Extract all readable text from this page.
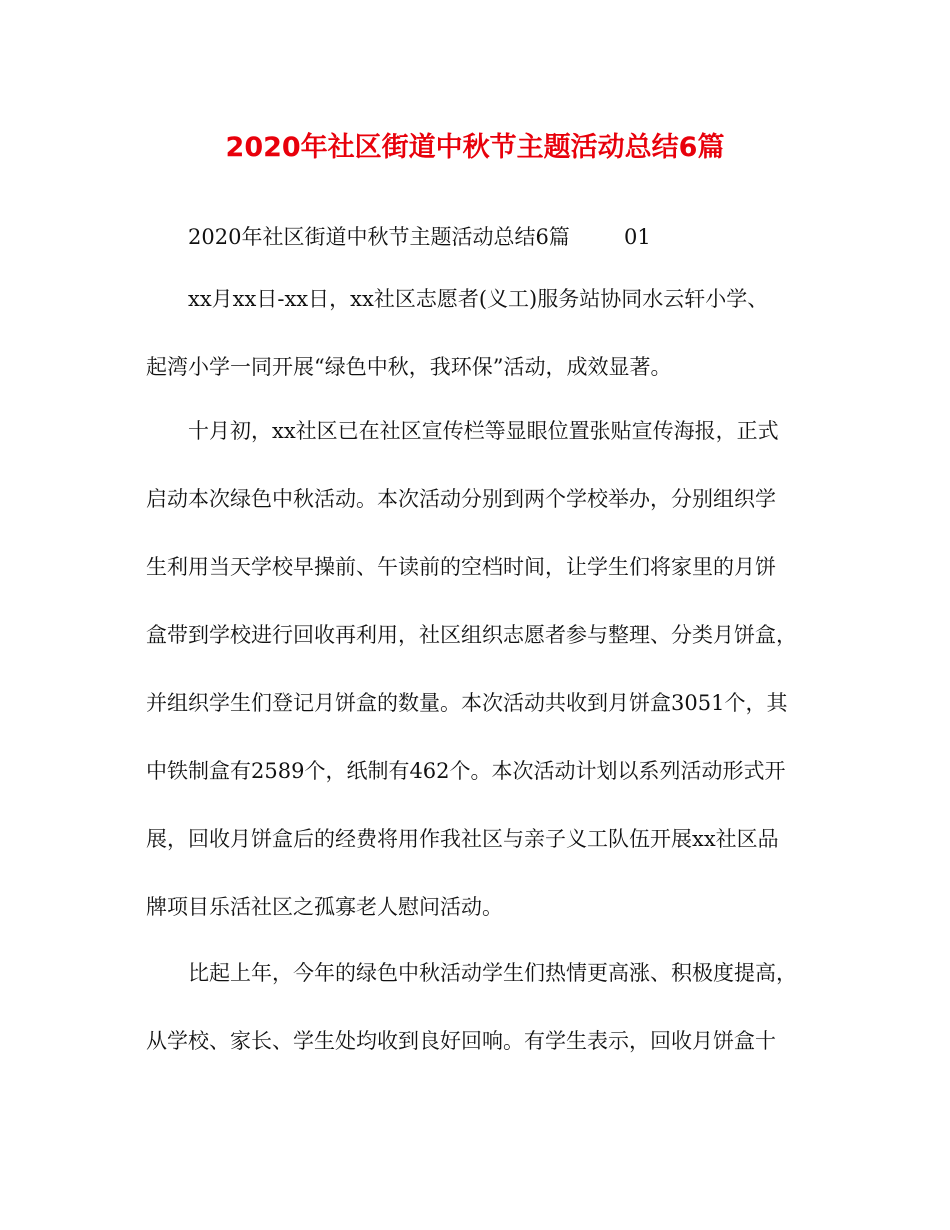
2020年社区街道中秋节主题活动总结6篇
2020年社区街道中秋节主题活动总结6篇	01
xx月xx日-xx日，xx社区志愿者(义工)服务站协同水云轩小学、
起湾小学一同开展“绿色中秋，我环保”活动，成效显著。
十月初，xx社区已在社区宣传栏等显眼位置张贴宣传海报，正式
启动本次绿色中秋活动。本次活动分别到两个学校举办，分别组织学
生利用当天学校早操前、午读前的空档时间，让学生们将家里的月饼
盒带到学校进行回收再利用，社区组织志愿者参与整理、分类月饼盒，
并组织学生们登记月饼盒的数量。本次活动共收到月饼盒3051个，其
中铁制盒有2589个，纸制有462个。本次活动计划以系列活动形式开
展，回收月饼盒后的经费将用作我社区与亲子义工队伍开展xx社区品
牌项目乐活社区之孤寡老人慰问活动。
比起上年，今年的绿色中秋活动学生们热情更高涨、积极度提高，
从学校、家长、学生处均收到良好回响。有学生表示，回收月饼盒十
